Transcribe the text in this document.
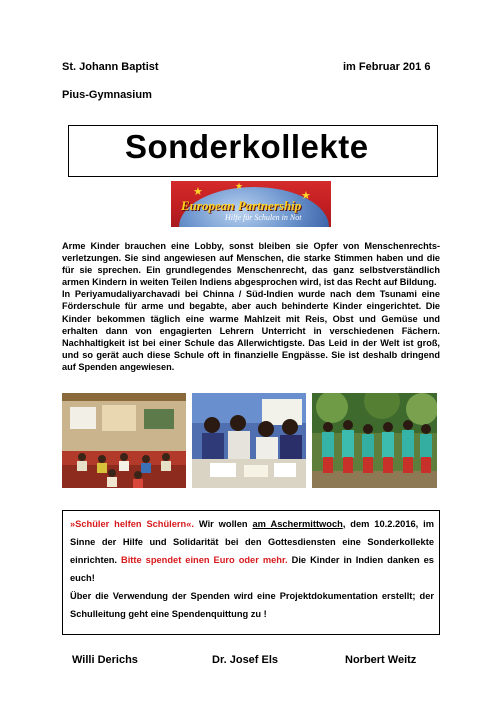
St. Johann Baptist	im Februar 201 6
Pius-Gymnasium
Sonderkollekte
★	★
★
European Partnership
Hilfe für Schulen in Not

Arme Kinder brauchen eine Lobby, sonst bleiben sie Opfer von Menschenrechtsverletzungen. Sie sind angewiesen auf Menschen, die starke Stimmen haben und die für sie sprechen. Ein grundlegendes Menschenrecht, das ganz selbstverständlich armen Kindern in weiten Teilen Indiens abgesprochen wird, ist das Recht auf Bildung.

In Periyamudaliyarchavadi bei Chinna / Süd-Indien wurde nach dem Tsunami eine Förderschule für arme und begabte, aber auch behinderte Kinder eingerichtet. Die Kinder bekommen täglich eine warme Mahlzeit mit Reis, Obst und Gemüse und erhalten dann von engagierten Lehrern Unterricht in verschiedenen Fächern. Nachhaltigkeit ist bei einer Schule das Allerwichtigste. Das Leid in der Welt ist groß, und so gerät auch diese Schule oft in finanzielle Engpässe. Sie ist deshalb dringend auf Spenden angewiesen.

»Schüler helfen Schülern«. Wir wollen am Aschermittwoch, dem 10.2.2016, im Sinne der Hilfe und Solidarität bei den Gottesdiensten eine Sonderkollekte einrichten. Bitte spendet einen Euro oder mehr. Die Kinder in Indien danken es euch!

Über die Verwendung der Spenden wird eine Projektdokumentation erstellt; der Schulleitung geht eine Spendenquittung zu !

Willi Derichs	Dr. Josef Els	Norbert Weitz
